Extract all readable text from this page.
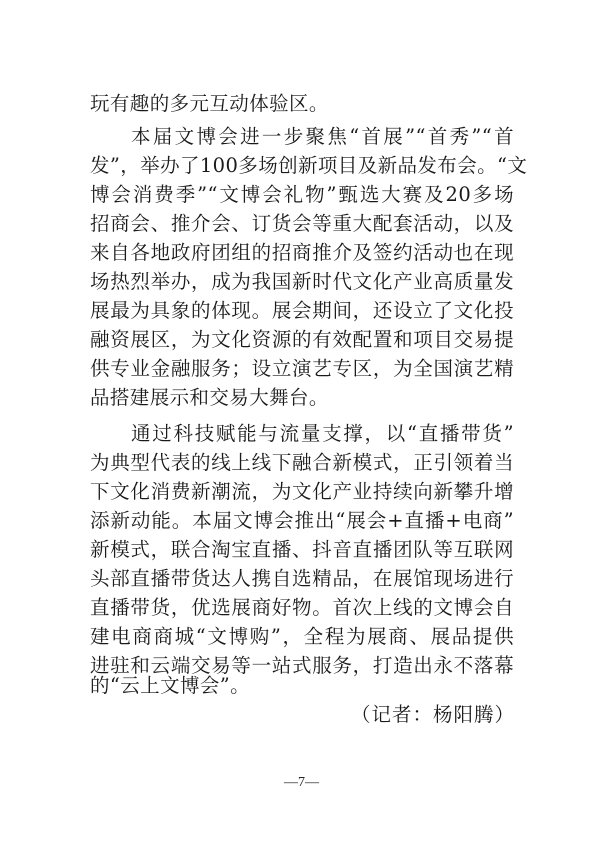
玩有趣的多元互动体验区。
本届文博会进一步聚焦“首展”“首秀”“首
发”，举办了100多场创新项目及新品发布会。“文
博会消费季”“文博会礼物”甄选大赛及20多场
招商会、推介会、订货会等重大配套活动，以及
来自各地政府团组的招商推介及签约活动也在现
场热烈举办，成为我国新时代文化产业高质量发
展最为具象的体现。展会期间，还设立了文化投
融资展区，为文化资源的有效配置和项目交易提
供专业金融服务；设立演艺专区，为全国演艺精
品搭建展示和交易大舞台。
通过科技赋能与流量支撑，以“直播带货”
为典型代表的线上线下融合新模式，正引领着当
下文化消费新潮流，为文化产业持续向新攀升增
添新动能。本届文博会推出“展会+直播+电商”
新模式，联合淘宝直播、抖音直播团队等互联网
头部直播带货达人携自选精品，在展馆现场进行
直播带货，优选展商好物。首次上线的文博会自
建电商商城“文博购”，全程为展商、展品提供
进驻和云端交易等一站式服务，打造出永不落幕
的“云上文博会”。
（记者：杨阳腾）
—7—
